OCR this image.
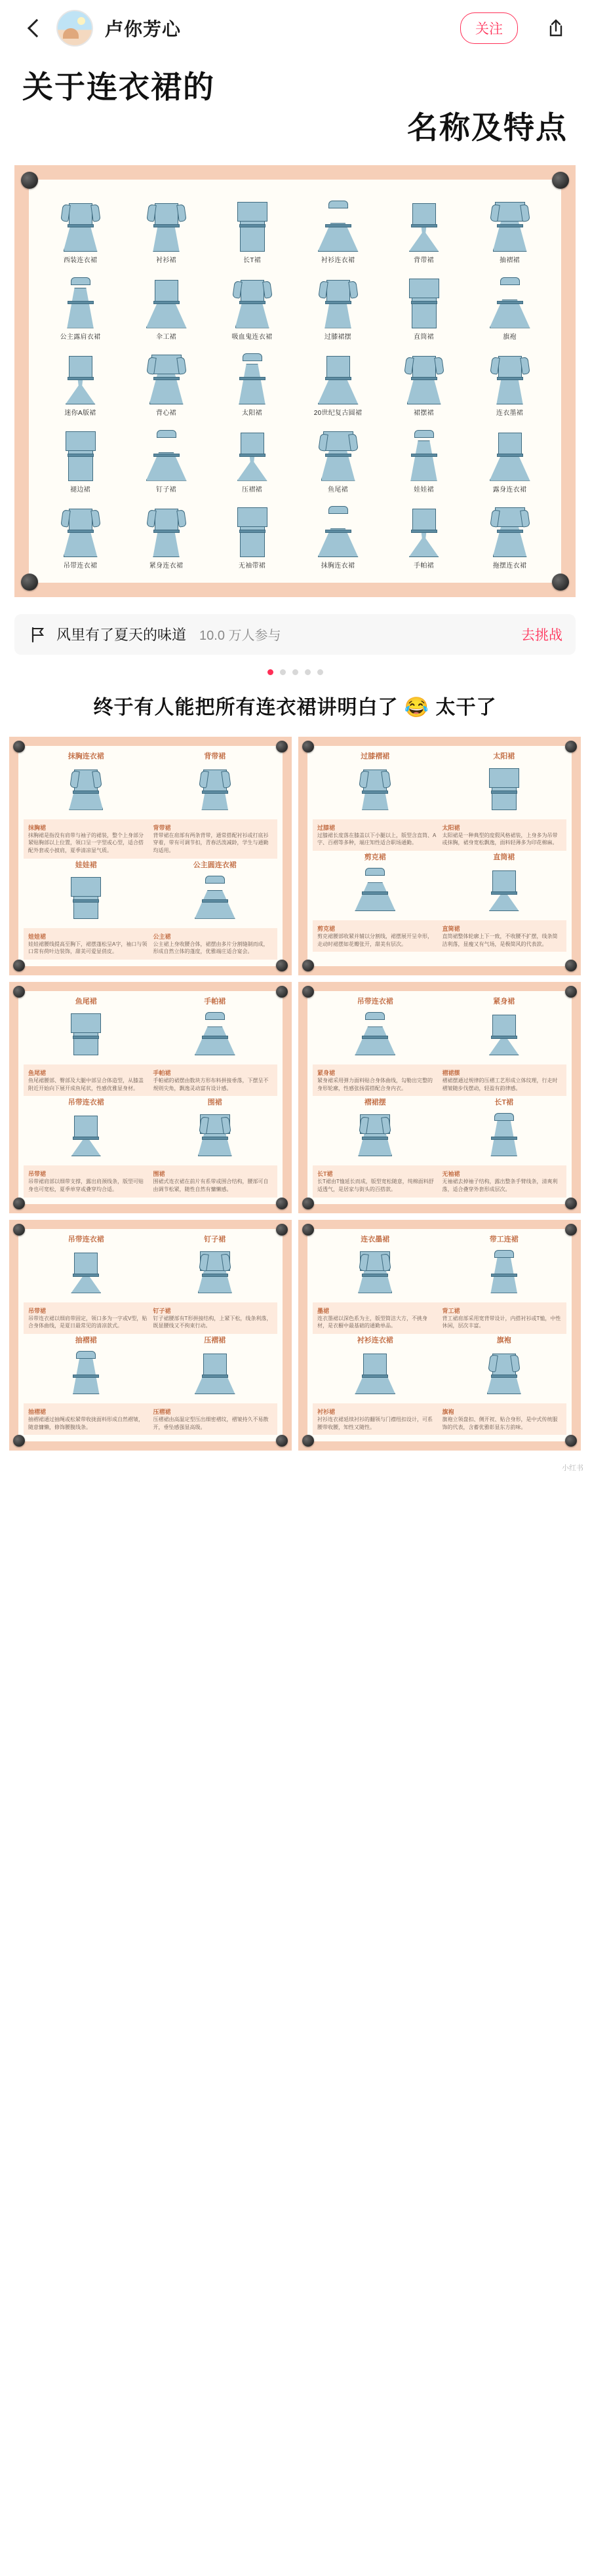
卢你芳心	关注
关于连衣裙的
名称及特点
西装连衣裙	衬衫裙	长T裙	衬衫连衣裙	背带裙	抽褶裙
公主露肩衣裙	伞工裙	吸血鬼连衣裙	过膝裙摆	直筒裙	旗袍
迷你A版裙	背心裙	太阳裙	20世纪复古圆裙	裙摆裙	连衣墨裙
褪边裙	钉子裙	压褶裙	鱼尾裙	娃娃裙	露身连衣裙
吊带连衣裙	紧身连衣裙	无袖带裙	抹胸连衣裙	手帕裙	拖摆连衣裙
风里有了夏天的味道 10.0 万人参与	去挑战
终于有人能把所有连衣裙讲明白了 😂 太干了
抹胸连衣裙	背带裙
抹胸裙
抹胸裙是指没有肩带与袖子的裙装，整个上身部分紧贴胸部以上位置，领口呈一字型或心型，适合搭配外套或小披肩，夏季清凉显气质。
背带裙
背带裙在肩部有两条背带，通常搭配衬衫或打底衫穿着，带有可调节扣，青春活泼减龄，学生与通勤均适用。
娃娃裙	公主圆连衣裙
娃娃裙
娃娃裙腰线提高至胸下，裙摆蓬松呈A字，袖口与领口常有荷叶边装饰，甜美可爱显俏皮。
公主裙
公主裙上身收腰合体，裙摆由多片分割缝制而成，形成自然立体的蓬度，优雅端庄适合宴会。
过膝褶裙	太阳裙
过膝裙
过膝裙长度落在膝盖以下小腿以上，版型含直筒、A字、百褶等多种，端庄知性适合职场通勤。
太阳裙
太阳裙是一种典型的度假风格裙装，上身多为吊带或抹胸，裙身宽松飘逸，面料轻薄多为印花棉麻。
剪克裙	直筒裙
剪克裙
剪克裙腰部收紧并辅以分割线，裙摆展开呈伞形，走动时裙摆如花瓣张开，甜美有层次。
直筒裙
直筒裙整体轮廓上下一致，不收腰不扩摆，线条简洁利落，显瘦又有气场，是极简风的代表款。
鱼尾裙	手帕裙
鱼尾裙
鱼尾裙腰部、臀部及大腿中部呈合体造型，从膝盖附近开始向下展开成鱼尾状，性感优雅显身材。
手帕裙
手帕裙的裙摆由数块方形布料拼接垂落，下摆呈不规则尖角，飘逸灵动富有设计感。
吊带连衣裙	围裙
吊带裙
吊带裙肩部以细带支撑，露出肩颈线条，版型可贴身也可宽松，夏季单穿或叠穿均合适。
围裙
围裙式连衣裙在前片有系带或围合结构，腰部可自由调节松紧，随性自然有慵懒感。
吊带连衣裙	紧身裙
紧身裙
紧身裙采用弹力面料贴合身体曲线，勾勒出完整的身形轮廓，性感张扬需搭配合身内衣。
褶裙摆
褶裙摆通过规律的压褶工艺形成立体纹理，行走时褶皱随步伐摆动，轻盈有韵律感。
褶裙摆	长T裙
长T裙
长T裙由T恤延长而成，版型宽松随意，纯棉面料舒适透气，是居家与街头的百搭款。
无袖裙
无袖裙去掉袖子结构，露出整条手臂线条，清爽利落，适合叠穿外套形成层次。
吊带连衣裙	钉子裙
吊带裙
吊带连衣裙以细肩带固定，领口多为一字或V型，贴合身体曲线，是夏日最常见的清凉款式。
钉子裙
钉子裙腰部有T形拼接结构，上紧下松，线条利落，既显腰线又不拘束行动。
抽褶裙	压褶裙
抽褶裙
抽褶裙通过抽绳或松紧带收拢面料形成自然褶皱，随意慵懒，修饰腰腹线条。
压褶裙
压褶裙由高温定型压出细密褶纹，褶皱持久不易散开，垂坠感强显高级。
连衣墨裙	带工连裙
墨裙
连衣墨裙以深色系为主，版型简洁大方，不挑身材，是衣橱中最基础的通勤单品。
背工裙
背工裙肩部采用宽背带设计，内搭衬衫或T恤，中性休闲，层次丰富。
衬衫连衣裙	旗袍
衬衫裙
衬衫连衣裙延续衬衫的翻领与门襟纽扣设计，可系腰带收腰，知性又随性。
旗袍
旗袍立领盘扣、侧开衩、贴合身形，是中式传统服饰的代表，含蓄优雅彰显东方韵味。
小红书
